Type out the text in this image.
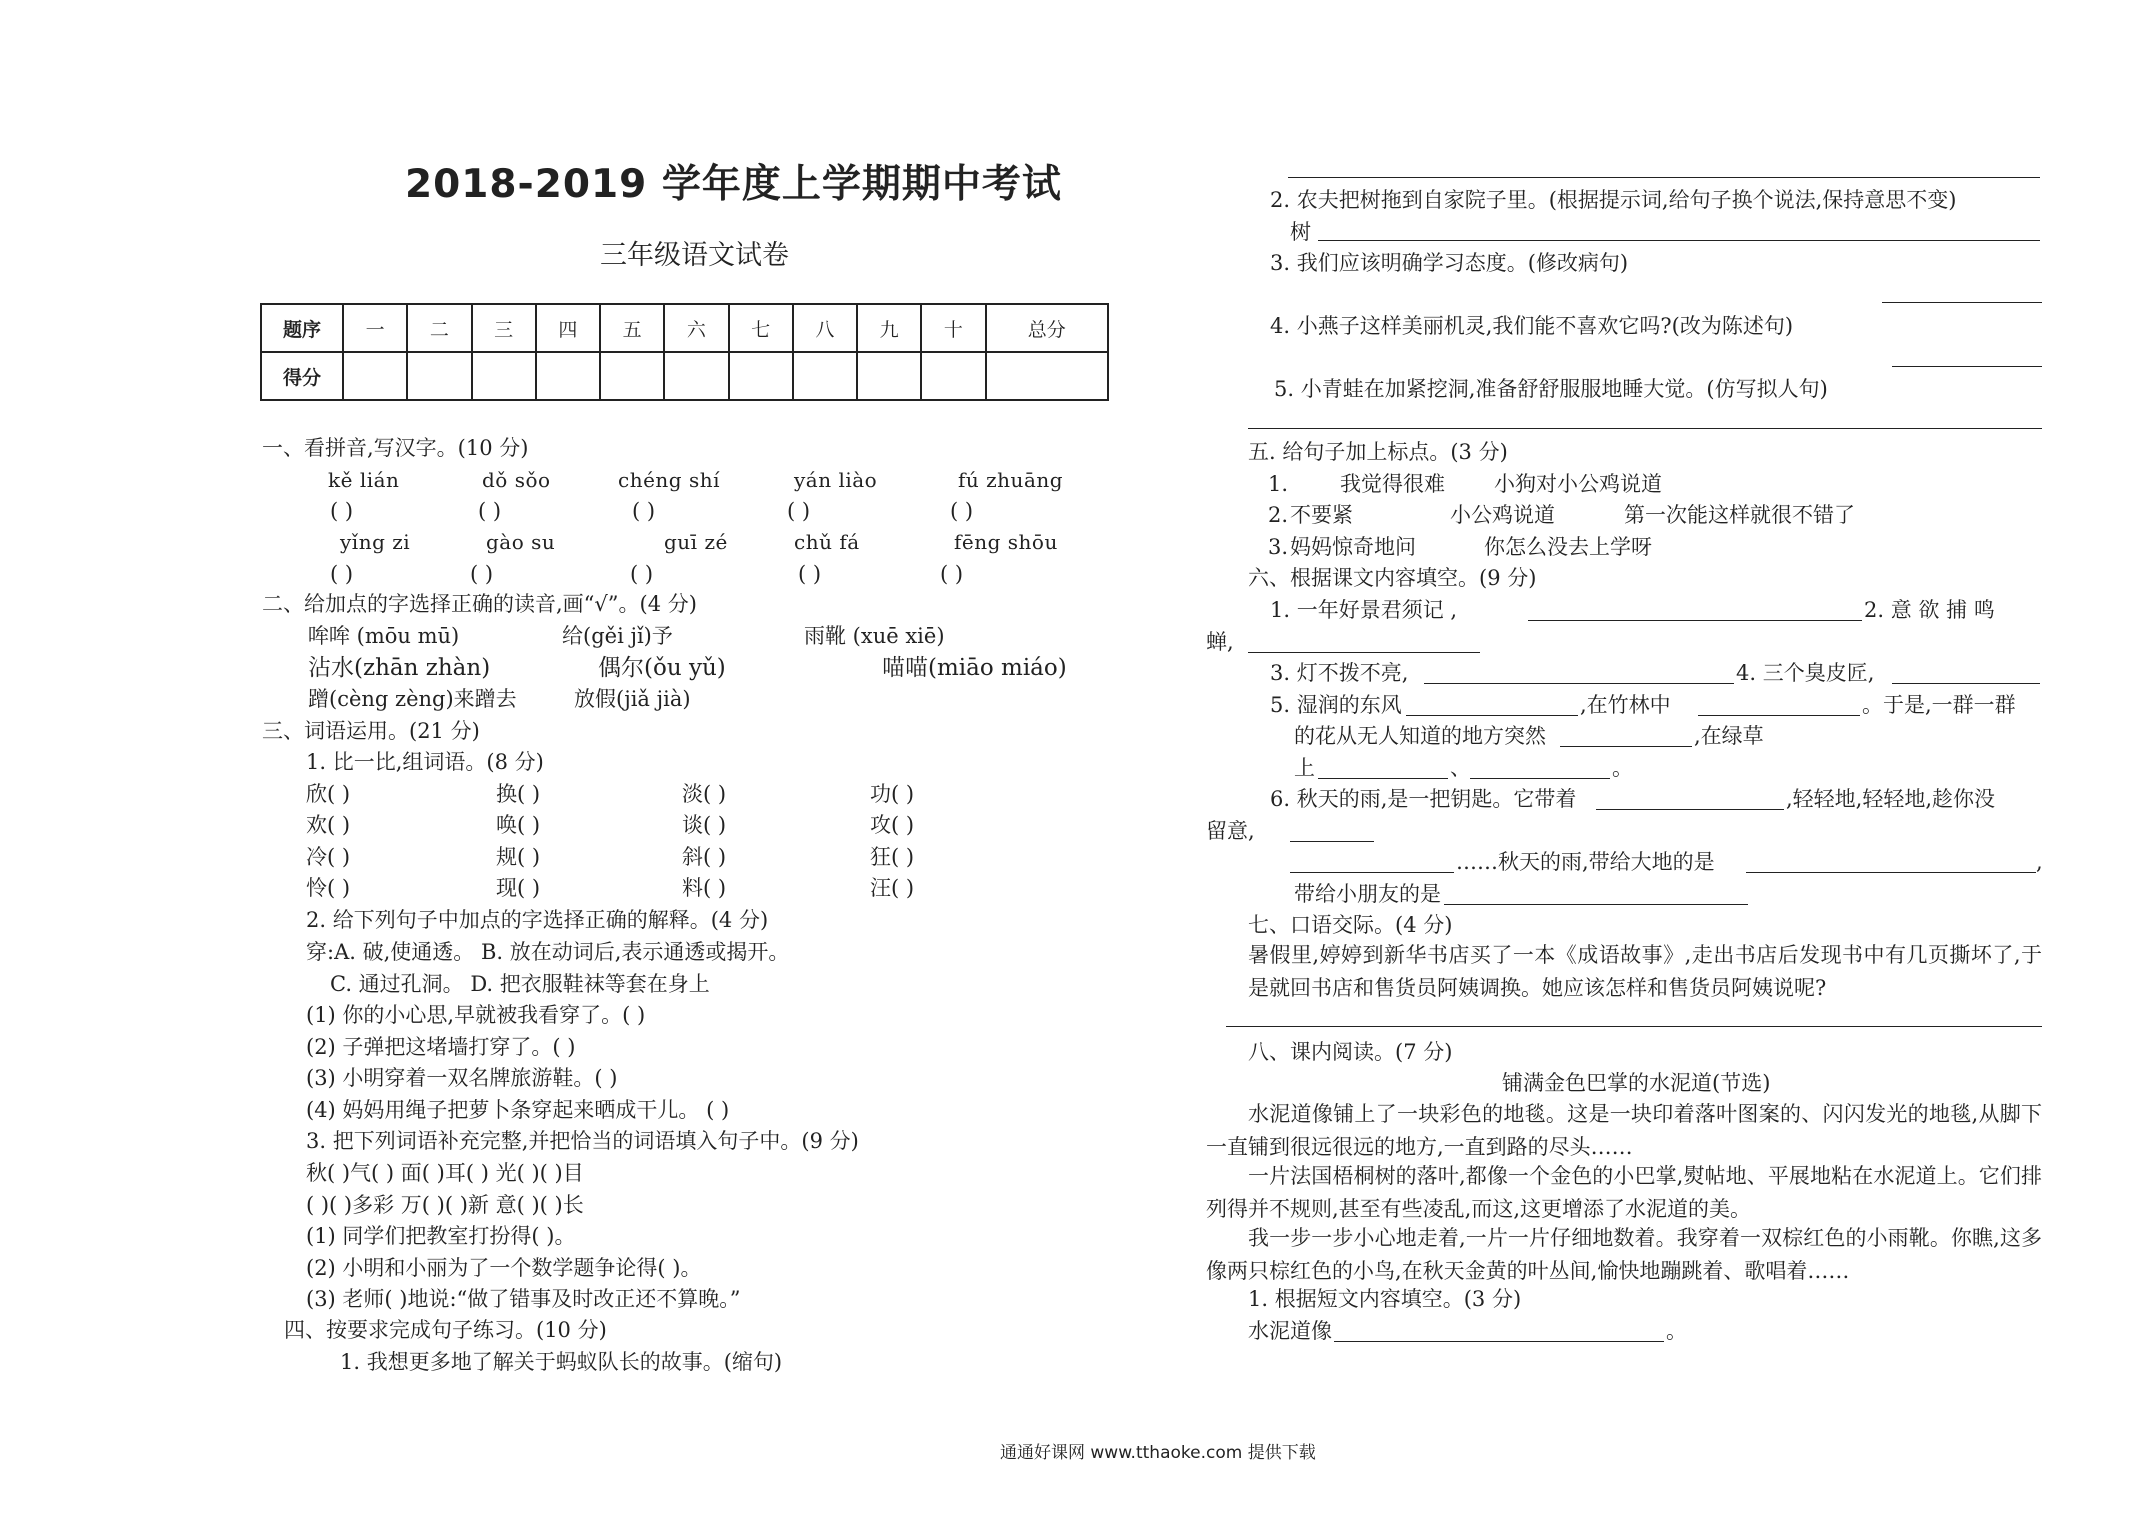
2018-2019 学年度上学期期中考试
三年级语文试卷
题序	一	二	三	四	五	六	七	八	九	十	总分
得分											
一、看拼音,写汉字。(10 分)
kě lián	dǒ sǒo	chéng shí	yán liào	fú zhuāng
( )	( )	( )	( )	( )
yǐng zi	gào su	guī zé	chǔ fá	fēng shōu
( )	( )	( )	( )	( )
二、给加点的字选择正确的读音,画“√”。(4 分)
哞哞 (mōu mū)	给(gěi jǐ)予	雨靴 (xuē xiē)
沾水(zhān zhàn)	偶尔(ǒu yǔ)	喵喵(miāo miáo)
蹭(cèng zèng)来蹭去	放假(jiǎ jià)
三、词语运用。(21 分)
1. 比一比,组词语。(8 分)
欣( )	换( )	淡( )	功( )
欢( )	唤( )	谈( )	攻( )
冷( )	规( )	斜( )	狂( )
怜( )	现( )	料( )	汪( )
2. 给下列句子中加点的字选择正确的解释。(4 分)
穿:A. 破,使通透。 B. 放在动词后,表示通透或揭开。
C. 通过孔洞。 D. 把衣服鞋袜等套在身上
(1) 你的小心思,早就被我看穿了。( )
(2) 子弹把这堵墙打穿了。( )
(3) 小明穿着一双名牌旅游鞋。( )
(4) 妈妈用绳子把萝卜条穿起来晒成干儿。 ( )
3. 把下列词语补充完整,并把恰当的词语填入句子中。(9 分)
秋( )气( ) 面( )耳( ) 光( )( )目
( )( )多彩 万( )( )新 意( )( )长
(1) 同学们把教室打扮得( )。
(2) 小明和小丽为了一个数学题争论得( )。
(3) 老师( )地说:“做了错事及时改正还不算晚。”
四、按要求完成句子练习。(10 分)
1. 我想更多地了解关于蚂蚁队长的故事。(缩句)
2. 农夫把树拖到自家院子里。(根据提示词,给句子换个说法,保持意思不变)
树
3. 我们应该明确学习态度。(修改病句)
4. 小燕子这样美丽机灵,我们能不喜欢它吗?(改为陈述句)
5. 小青蛙在加紧挖洞,准备舒舒服服地睡大觉。(仿写拟人句)
五. 给句子加上标点。(3 分)
1. 我觉得很难 小狗对小公鸡说道
2. 不要紧	小公鸡说道	第一次能这样就很不错了
3. 妈妈惊奇地问	你怎么没去上学呀
六、根据课文内容填空。(9 分)
1. 一年好景君须记 ,	2. 意 欲 捕 鸣
蝉,
3. 灯不拨不亮,	4. 三个臭皮匠,
5. 湿润的东风	,在竹林中	。于是,一群一群
的花从无人知道的地方突然	,在绿草
上	、	。
6. 秋天的雨,是一把钥匙。它带着	,轻轻地,轻轻地,趁你没
留意,
……秋天的雨,带给大地的是	,
带给小朋友的是
七、口语交际。(4 分)
暑假里,婷婷到新华书店买了一本《成语故事》,走出书店后发现书中有几页撕坏了,于是就回书店和售货员阿姨调换。她应该怎样和售货员阿姨说呢?
八、课内阅读。(7 分)
铺满金色巴掌的水泥道(节选)
水泥道像铺上了一块彩色的地毯。这是一块印着落叶图案的、闪闪发光的地毯,从脚下一直铺到很远很远的地方,一直到路的尽头……
一片法国梧桐树的落叶,都像一个金色的小巴掌,熨帖地、平展地粘在水泥道上。它们排列得并不规则,甚至有些凌乱,而这,这更增添了水泥道的美。
我一步一步小心地走着,一片一片仔细地数着。我穿着一双棕红色的小雨靴。你瞧,这多像两只棕红色的小鸟,在秋天金黄的叶丛间,愉快地蹦跳着、歌唱着……
1. 根据短文内容填空。(3 分)
水泥道像	。
通通好课网 www.tthaoke.com 提供下载
